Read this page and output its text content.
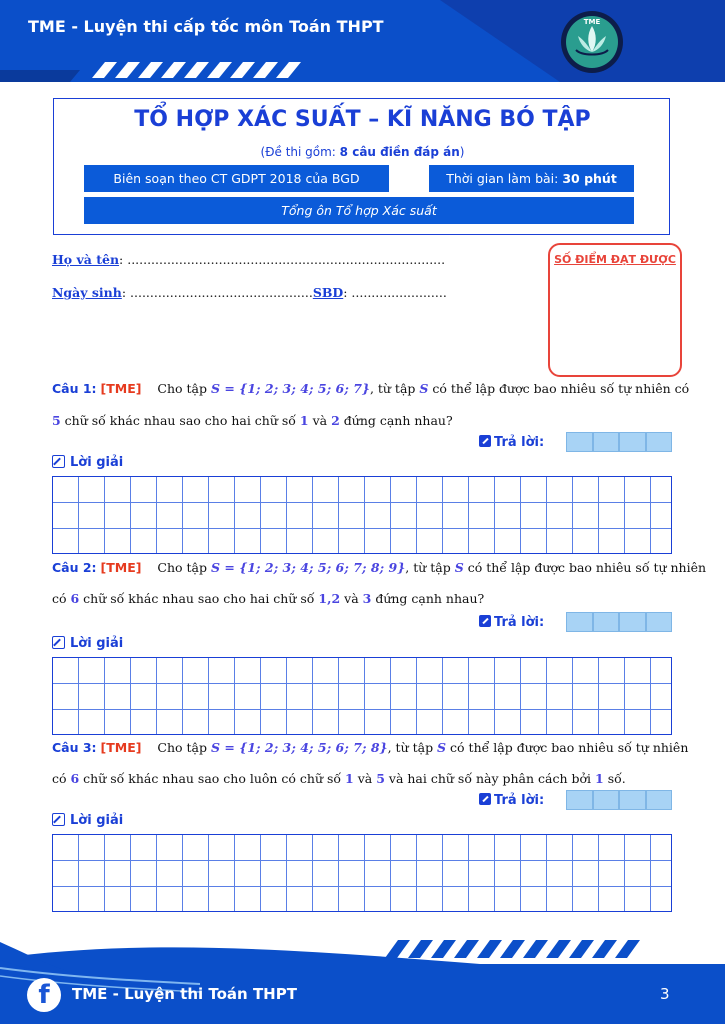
TME - Luyện thi cấp tốc môn Toán THPT	TME
TỔ HỢP XÁC SUẤT – KĨ NĂNG BÓ TẬP
(Đề thi gồm: 8 câu điền đáp án)
Biên soạn theo CT GDPT 2018 của BGD	Thời gian làm bài: 30 phút
Tổng ôn Tổ hợp Xác suất
Họ và tên: ................................................................................
Ngày sinh: ..............................................SBD: ........................
SỐ ĐIỂM ĐẠT ĐƯỢC
Câu 1: [TME] Cho tập S = {1; 2; 3; 4; 5; 6; 7}, từ tập S có thể lập được bao nhiêu số tự nhiên có
5 chữ số khác nhau sao cho hai chữ số 1 và 2 đứng cạnh nhau?
Trả lời:
Lời giải
Câu 2: [TME] Cho tập S = {1; 2; 3; 4; 5; 6; 7; 8; 9}, từ tập S có thể lập được bao nhiêu số tự nhiên
có 6 chữ số khác nhau sao cho hai chữ số 1,2 và 3 đứng cạnh nhau?
Trả lời:
Lời giải
Câu 3: [TME] Cho tập S = {1; 2; 3; 4; 5; 6; 7; 8}, từ tập S có thể lập được bao nhiêu số tự nhiên
có 6 chữ số khác nhau sao cho luôn có chữ số 1 và 5 và hai chữ số này phân cách bởi 1 số.
Trả lời:
Lời giải
f	TME - Luyện thi Toán THPT	3
